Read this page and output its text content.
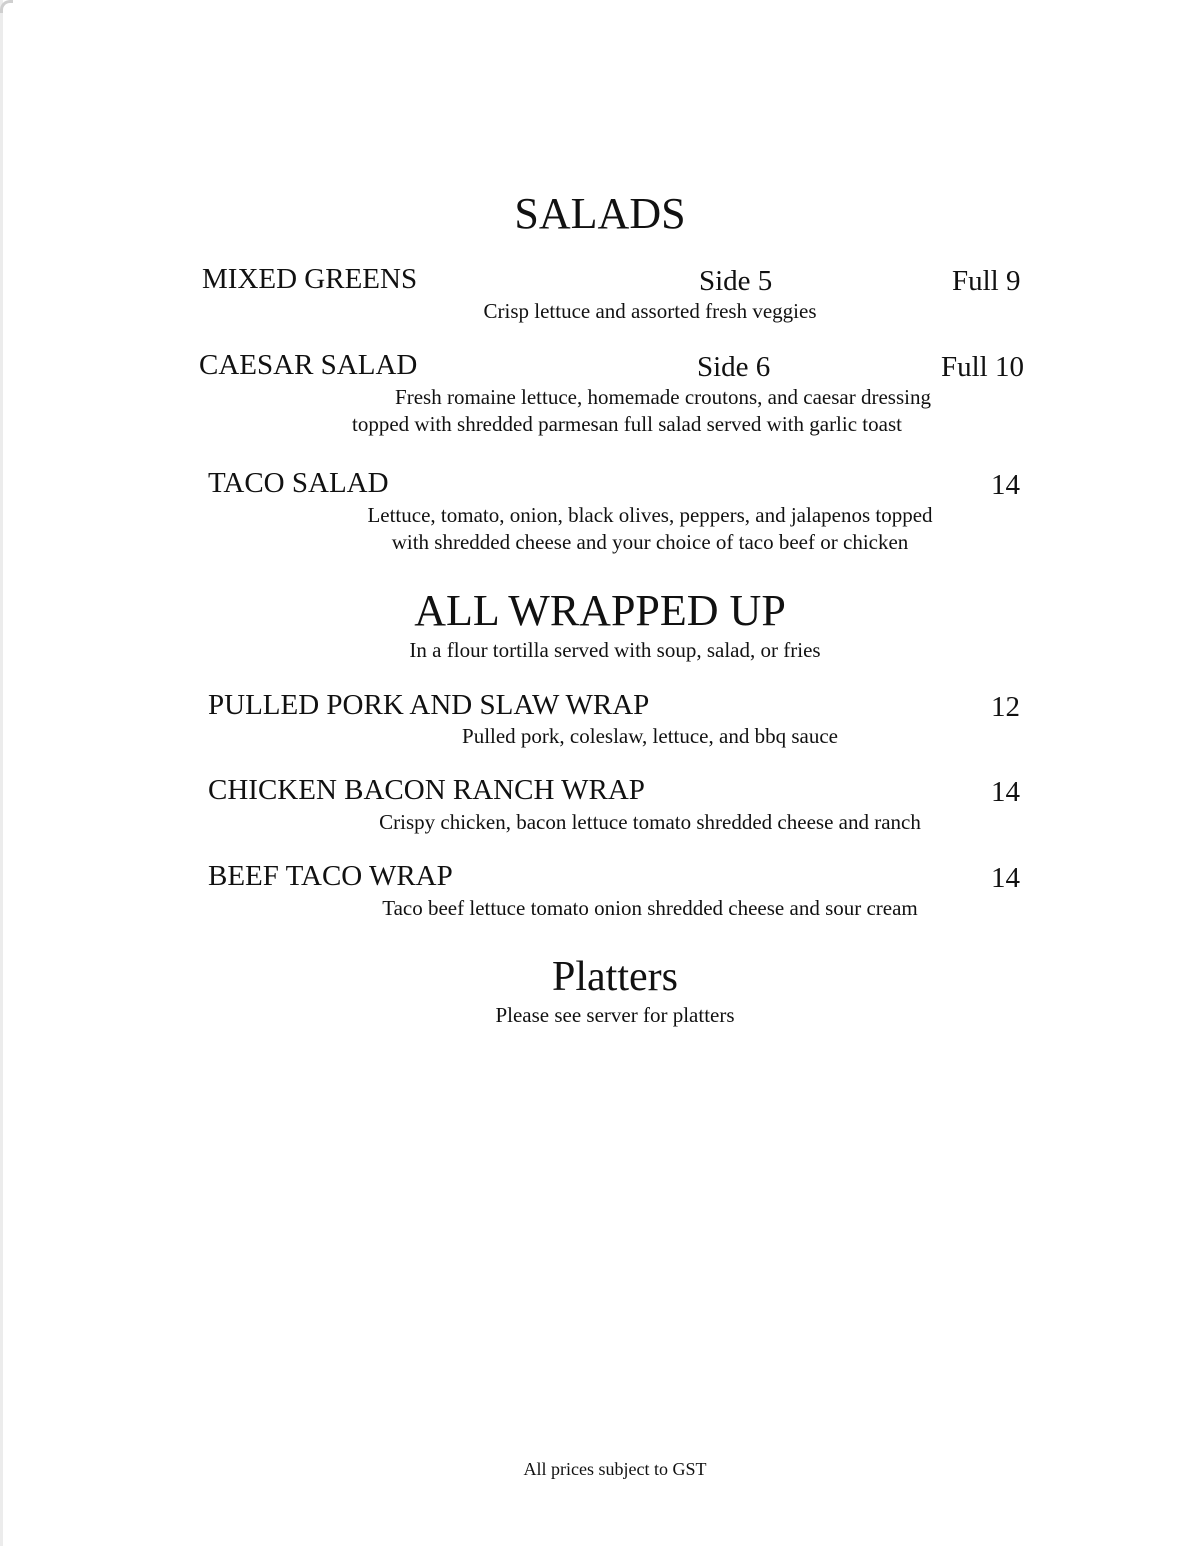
SALADS
MIXED GREENS	Side 5	Full 9
Crisp lettuce and assorted fresh veggies
CAESAR SALAD	Side 6	Full 10
Fresh romaine lettuce, homemade croutons, and caesar dressing
topped with shredded parmesan full salad served with garlic toast
TACO SALAD	14
Lettuce, tomato, onion, black olives, peppers, and jalapenos topped
with shredded cheese and your choice of taco beef or chicken
ALL WRAPPED UP
In a flour tortilla served with soup, salad, or fries
PULLED PORK AND SLAW WRAP	12
Pulled pork, coleslaw, lettuce, and bbq sauce
CHICKEN BACON RANCH WRAP	14
Crispy chicken, bacon lettuce tomato shredded cheese and ranch
BEEF TACO WRAP	14
Taco beef lettuce tomato onion shredded cheese and sour cream
Platters
Please see server for platters
All prices subject to GST
